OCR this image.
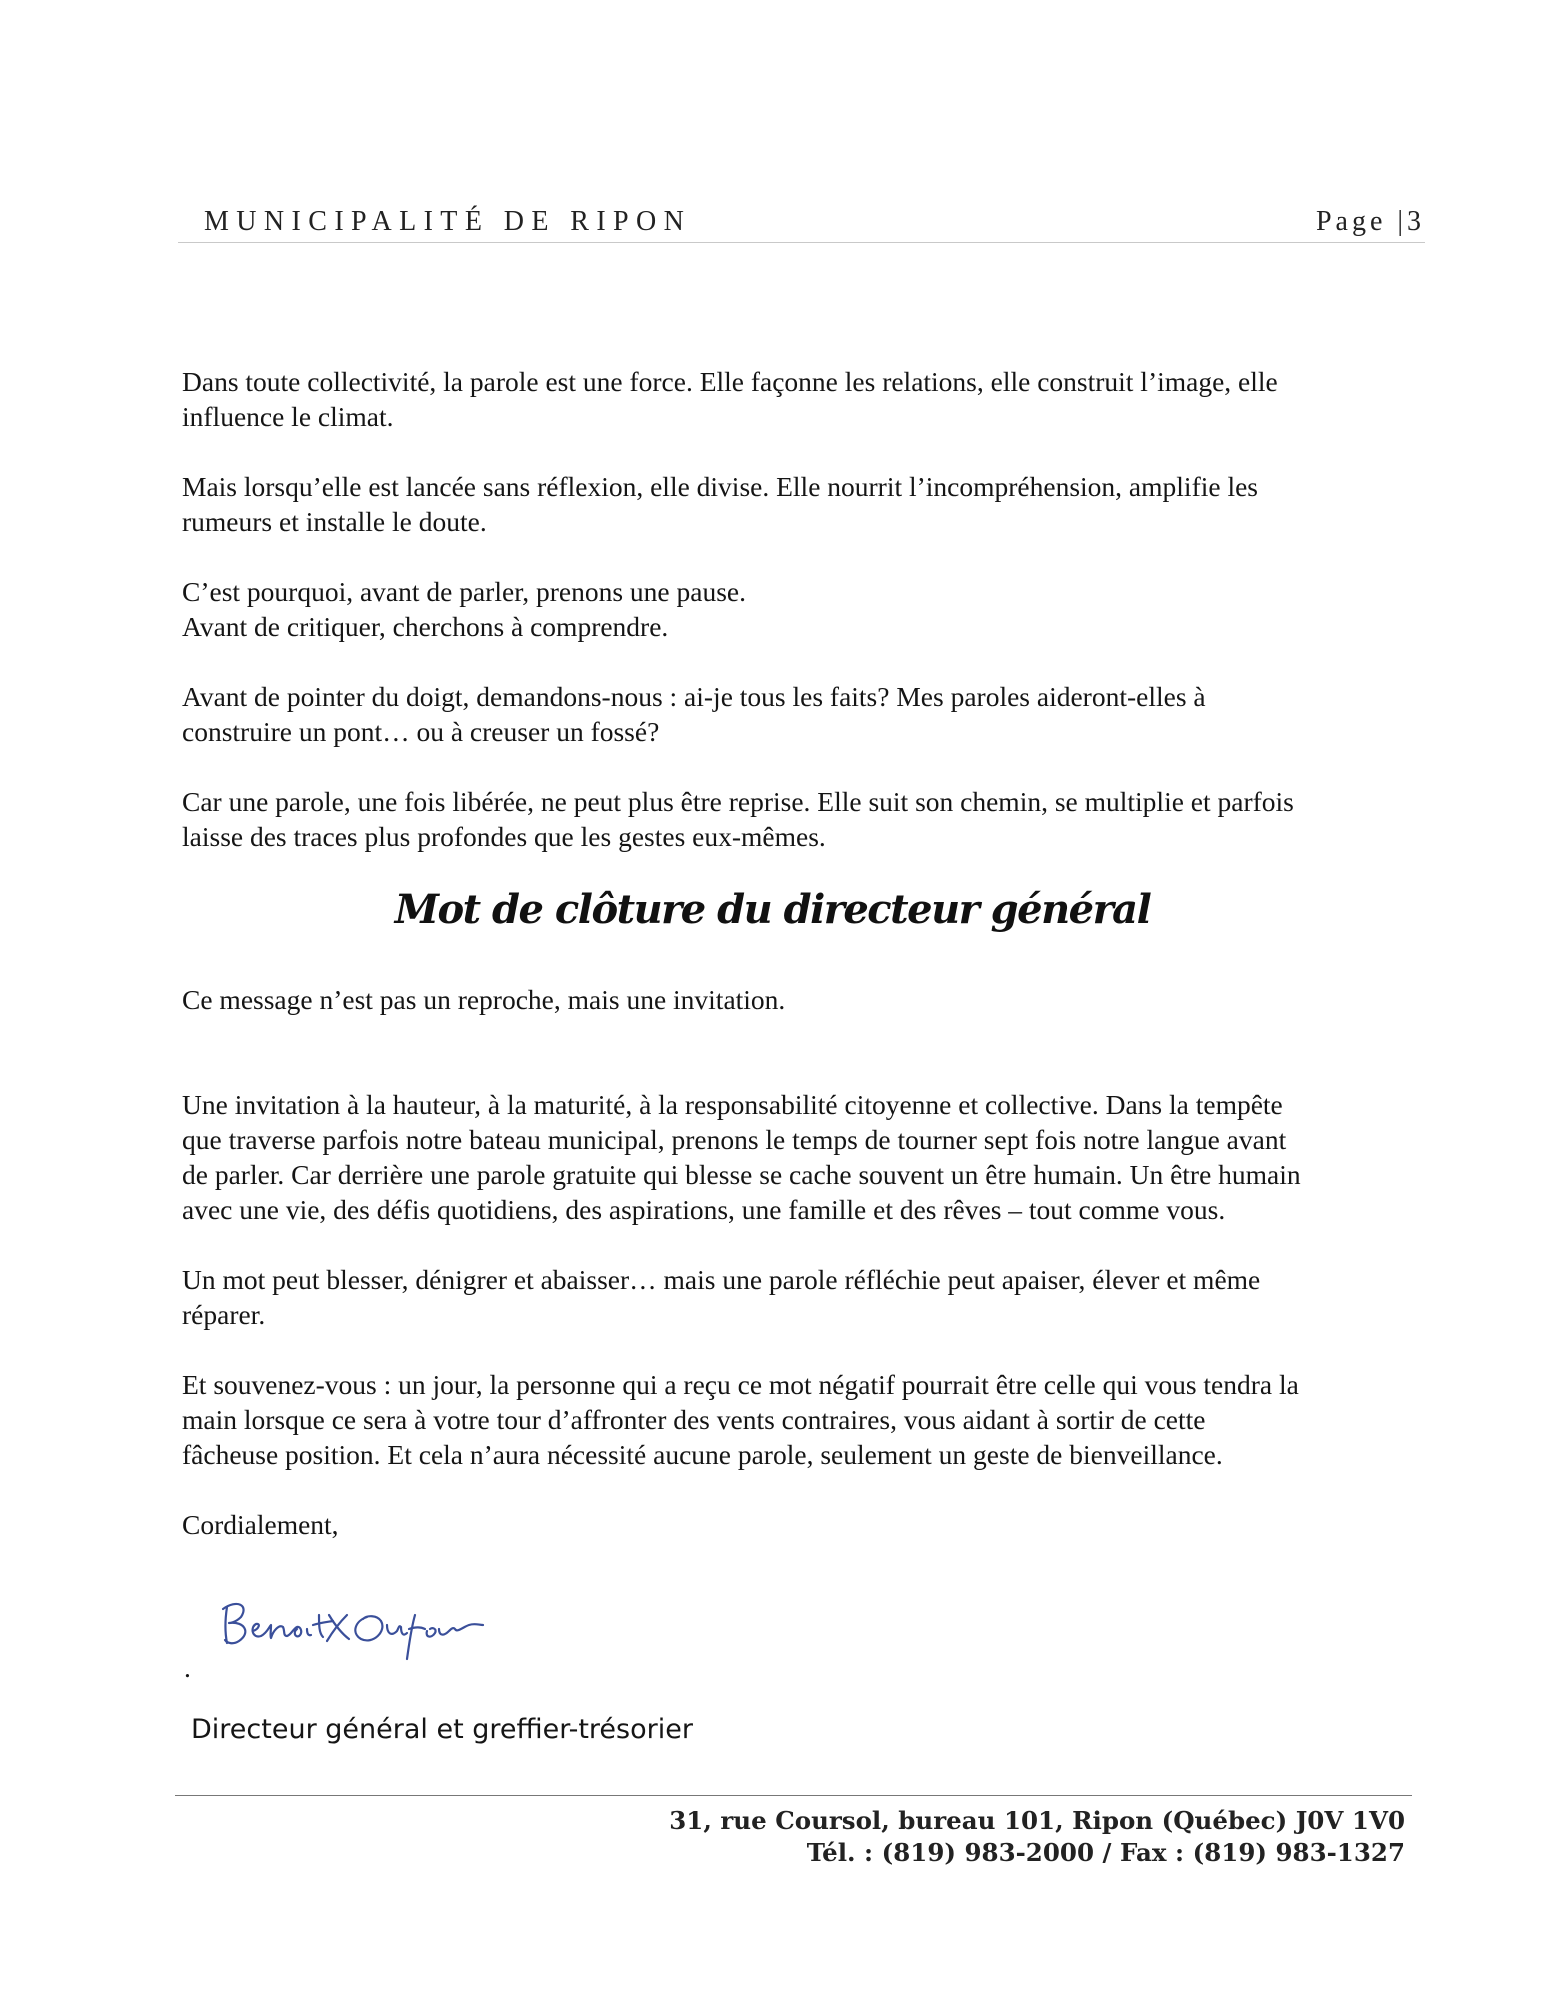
MUNICIPALITÉ DE RIPON	Page |3

Dans toute collectivité, la parole est une force. Elle façonne les relations, elle construit l’image, elle
influence le climat.

Mais lorsqu’elle est lancée sans réflexion, elle divise. Elle nourrit l’incompréhension, amplifie les
rumeurs et installe le doute.

C’est pourquoi, avant de parler, prenons une pause.
Avant de critiquer, cherchons à comprendre.

Avant de pointer du doigt, demandons-nous : ai-je tous les faits? Mes paroles aideront-elles à
construire un pont… ou à creuser un fossé?

Car une parole, une fois libérée, ne peut plus être reprise. Elle suit son chemin, se multiplie et parfois
laisse des traces plus profondes que les gestes eux-mêmes.

Mot de clôture du directeur général

Ce message n’est pas un reproche, mais une invitation.

Une invitation à la hauteur, à la maturité, à la responsabilité citoyenne et collective. Dans la tempête
que traverse parfois notre bateau municipal, prenons le temps de tourner sept fois notre langue avant
de parler. Car derrière une parole gratuite qui blesse se cache souvent un être humain. Un être humain
avec une vie, des défis quotidiens, des aspirations, une famille et des rêves – tout comme vous.

Un mot peut blesser, dénigrer et abaisser… mais une parole réfléchie peut apaiser, élever et même
réparer.

Et souvenez-vous : un jour, la personne qui a reçu ce mot négatif pourrait être celle qui vous tendra la
main lorsque ce sera à votre tour d’affronter des vents contraires, vous aidant à sortir de cette
fâcheuse position. Et cela n’aura nécessité aucune parole, seulement un geste de bienveillance.

Cordialement,

.
Directeur général et greffier-trésorier
31, rue Coursol, bureau 101, Ripon (Québec) J0V 1V0
Tél. : (819) 983-2000 / Fax : (819) 983-1327
